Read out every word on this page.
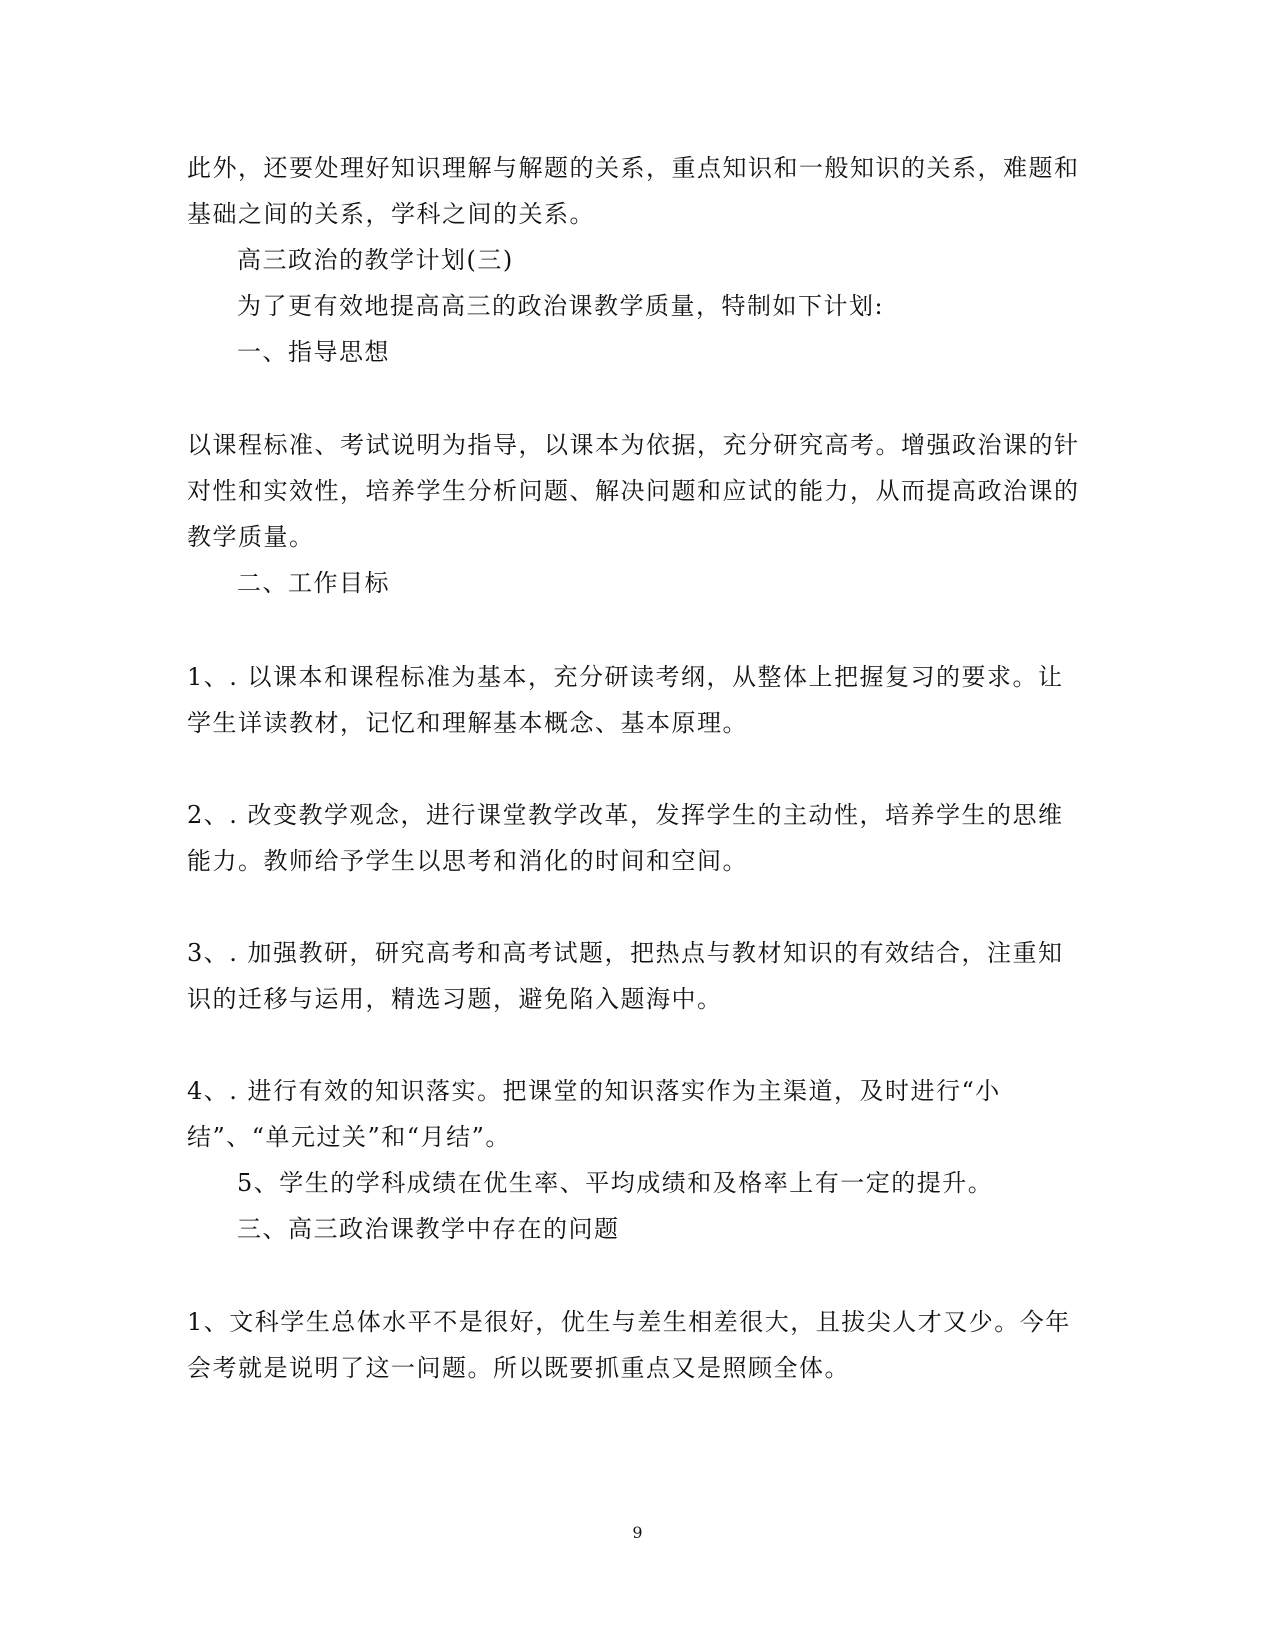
此外，还要处理好知识理解与解题的关系，重点知识和一般知识的关系，难题和基础之间的关系，学科之间的关系。

高三政治的教学计划(三)

为了更有效地提高高三的政治课教学质量，特制如下计划:

一、指导思想

以课程标准、考试说明为指导，以课本为依据，充分研究高考。增强政治课的针对性和实效性，培养学生分析问题、解决问题和应试的能力，从而提高政治课的教学质量。

二、工作目标

1、. 以课本和课程标准为基本，充分研读考纲，从整体上把握复习的要求。让学生详读教材，记忆和理解基本概念、基本原理。

2、. 改变教学观念，进行课堂教学改革，发挥学生的主动性，培养学生的思维能力。教师给予学生以思考和消化的时间和空间。

3、. 加强教研，研究高考和高考试题，把热点与教材知识的有效结合，注重知识的迁移与运用，精选习题，避免陷入题海中。

4、. 进行有效的知识落实。把课堂的知识落实作为主渠道，及时进行“小结”、“单元过关”和“月结”。

5、学生的学科成绩在优生率、平均成绩和及格率上有一定的提升。

三、高三政治课教学中存在的问题

1、文科学生总体水平不是很好，优生与差生相差很大，且拔尖人才又少。今年会考就是说明了这一问题。所以既要抓重点又是照顾全体。

9
